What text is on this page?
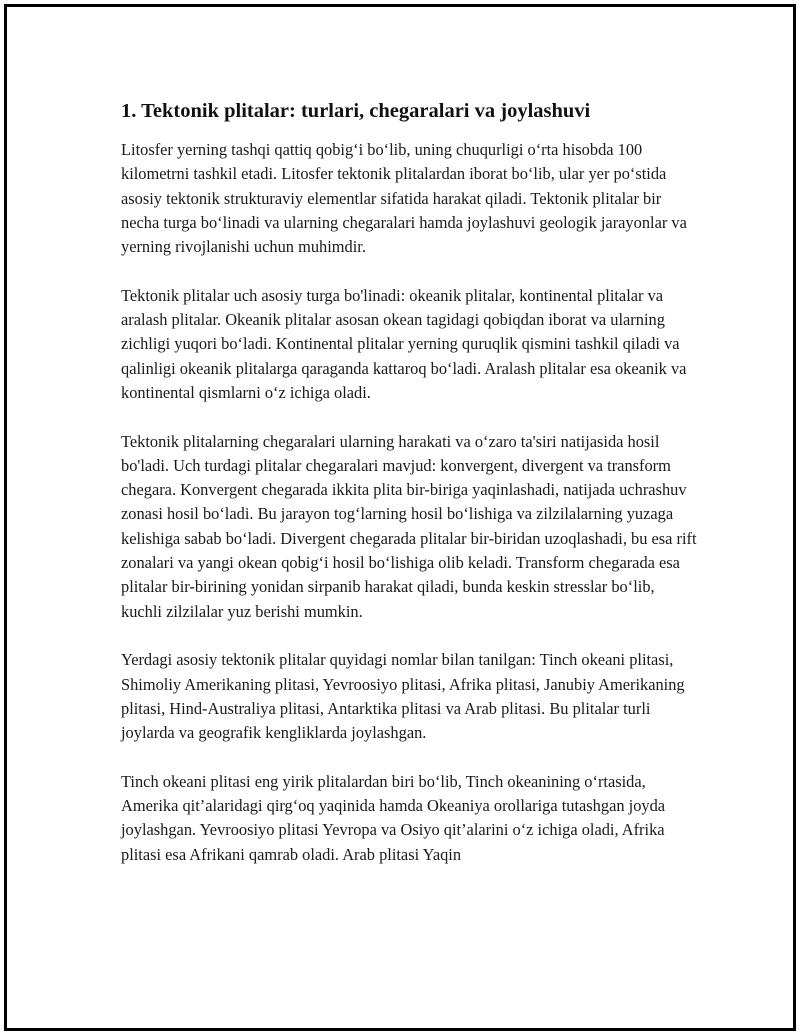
1. Tektonik plitalar: turlari, chegaralari va joylashuvi

Litosfer yerning tashqi qattiq qobig‘i bo‘lib, uning chuqurligi o‘rta hisobda 100 kilometrni tashkil etadi. Litosfer tektonik plitalardan iborat bo‘lib, ular yer po‘stida asosiy tektonik strukturaviy elementlar sifatida harakat qiladi. Tektonik plitalar bir necha turga bo‘linadi va ularning chegaralari hamda joylashuvi geologik jarayonlar va yerning rivojlanishi uchun muhimdir.

Tektonik plitalar uch asosiy turga bo'linadi: okeanik plitalar, kontinental plitalar va aralash plitalar. Okeanik plitalar asosan okean tagidagi qobiqdan iborat va ularning zichligi yuqori bo‘ladi. Kontinental plitalar yerning quruqlik qismini tashkil qiladi va qalinligi okeanik plitalarga qaraganda kattaroq bo‘ladi. Aralash plitalar esa okeanik va kontinental qismlarni o‘z ichiga oladi.

Tektonik plitalarning chegaralari ularning harakati va o‘zaro ta'siri natijasida hosil bo'ladi. Uch turdagi plitalar chegaralari mavjud: konvergent, divergent va transform chegara. Konvergent chegarada ikkita plita bir-biriga yaqinlashadi, natijada uchrashuv zonasi hosil bo‘ladi. Bu jarayon tog‘larning hosil bo‘lishiga va zilzilalarning yuzaga kelishiga sabab bo‘ladi. Divergent chegarada plitalar bir-biridan uzoqlashadi, bu esa rift zonalari va yangi okean qobig‘i hosil bo‘lishiga olib keladi. Transform chegarada esa plitalar bir-birining yonidan sirpanib harakat qiladi, bunda keskin stresslar bo‘lib, kuchli zilzilalar yuz berishi mumkin.

Yerdagi asosiy tektonik plitalar quyidagi nomlar bilan tanilgan: Tinch okeani plitasi, Shimoliy Amerikaning plitasi, Yevroosiyo plitasi, Afrika plitasi, Janubiy Amerikaning plitasi, Hind-Australiya plitasi, Antarktika plitasi va Arab plitasi. Bu plitalar turli joylarda va geografik kengliklarda joylashgan.

Tinch okeani plitasi eng yirik plitalardan biri bo‘lib, Tinch okeanining o‘rtasida, Amerika qit’alaridagi qirg‘oq yaqinida hamda Okeaniya orollariga tutashgan joyda joylashgan. Yevroosiyo plitasi Yevropa va Osiyo qit’alarini o‘z ichiga oladi, Afrika plitasi esa Afrikani qamrab oladi. Arab plitasi Yaqin
